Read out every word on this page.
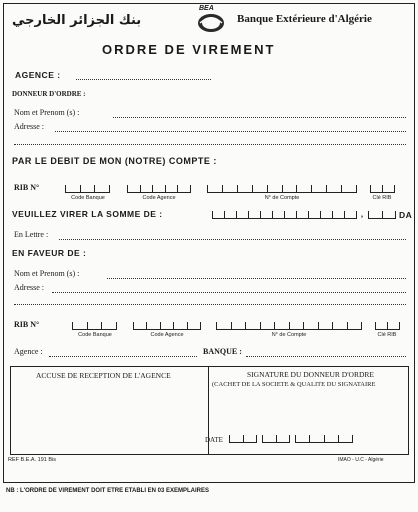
بنك الجزائر الخارجي
BEA
Banque Extérieure d'Algérie
ORDRE DE VIREMENT
AGENCE :
DONNEUR D'ORDRE :
Nom et Prenom (s) :
Adresse :
PAR LE DEBIT DE MON (NOTRE) COMPTE :
RIB N°
Code Banque	Code Agence	N° de Compte	Clé RIB
VEUILLEZ VIRER LA SOMME DE :	,	DA
En Lettre :
EN FAVEUR DE :
Nom et Prenom (s) :
Adresse :
RIB N°
Code Banque	Code Agence	N° de Compte	Clé RIB
Agence :	BANQUE :
ACCUSE DE RECEPTION DE L'AGENCE	SIGNATURE DU DONNEUR D'ORDRE
(CACHET DE LA SOCIETE & QUALITE DU SIGNATAIRE
DATE
REF B.E.A. 191 Bis	IMAO - U.C - Algérie
NB : L'ORDRE DE VIREMENT DOIT ETRE ETABLI EN 03 EXEMPLAIRES
